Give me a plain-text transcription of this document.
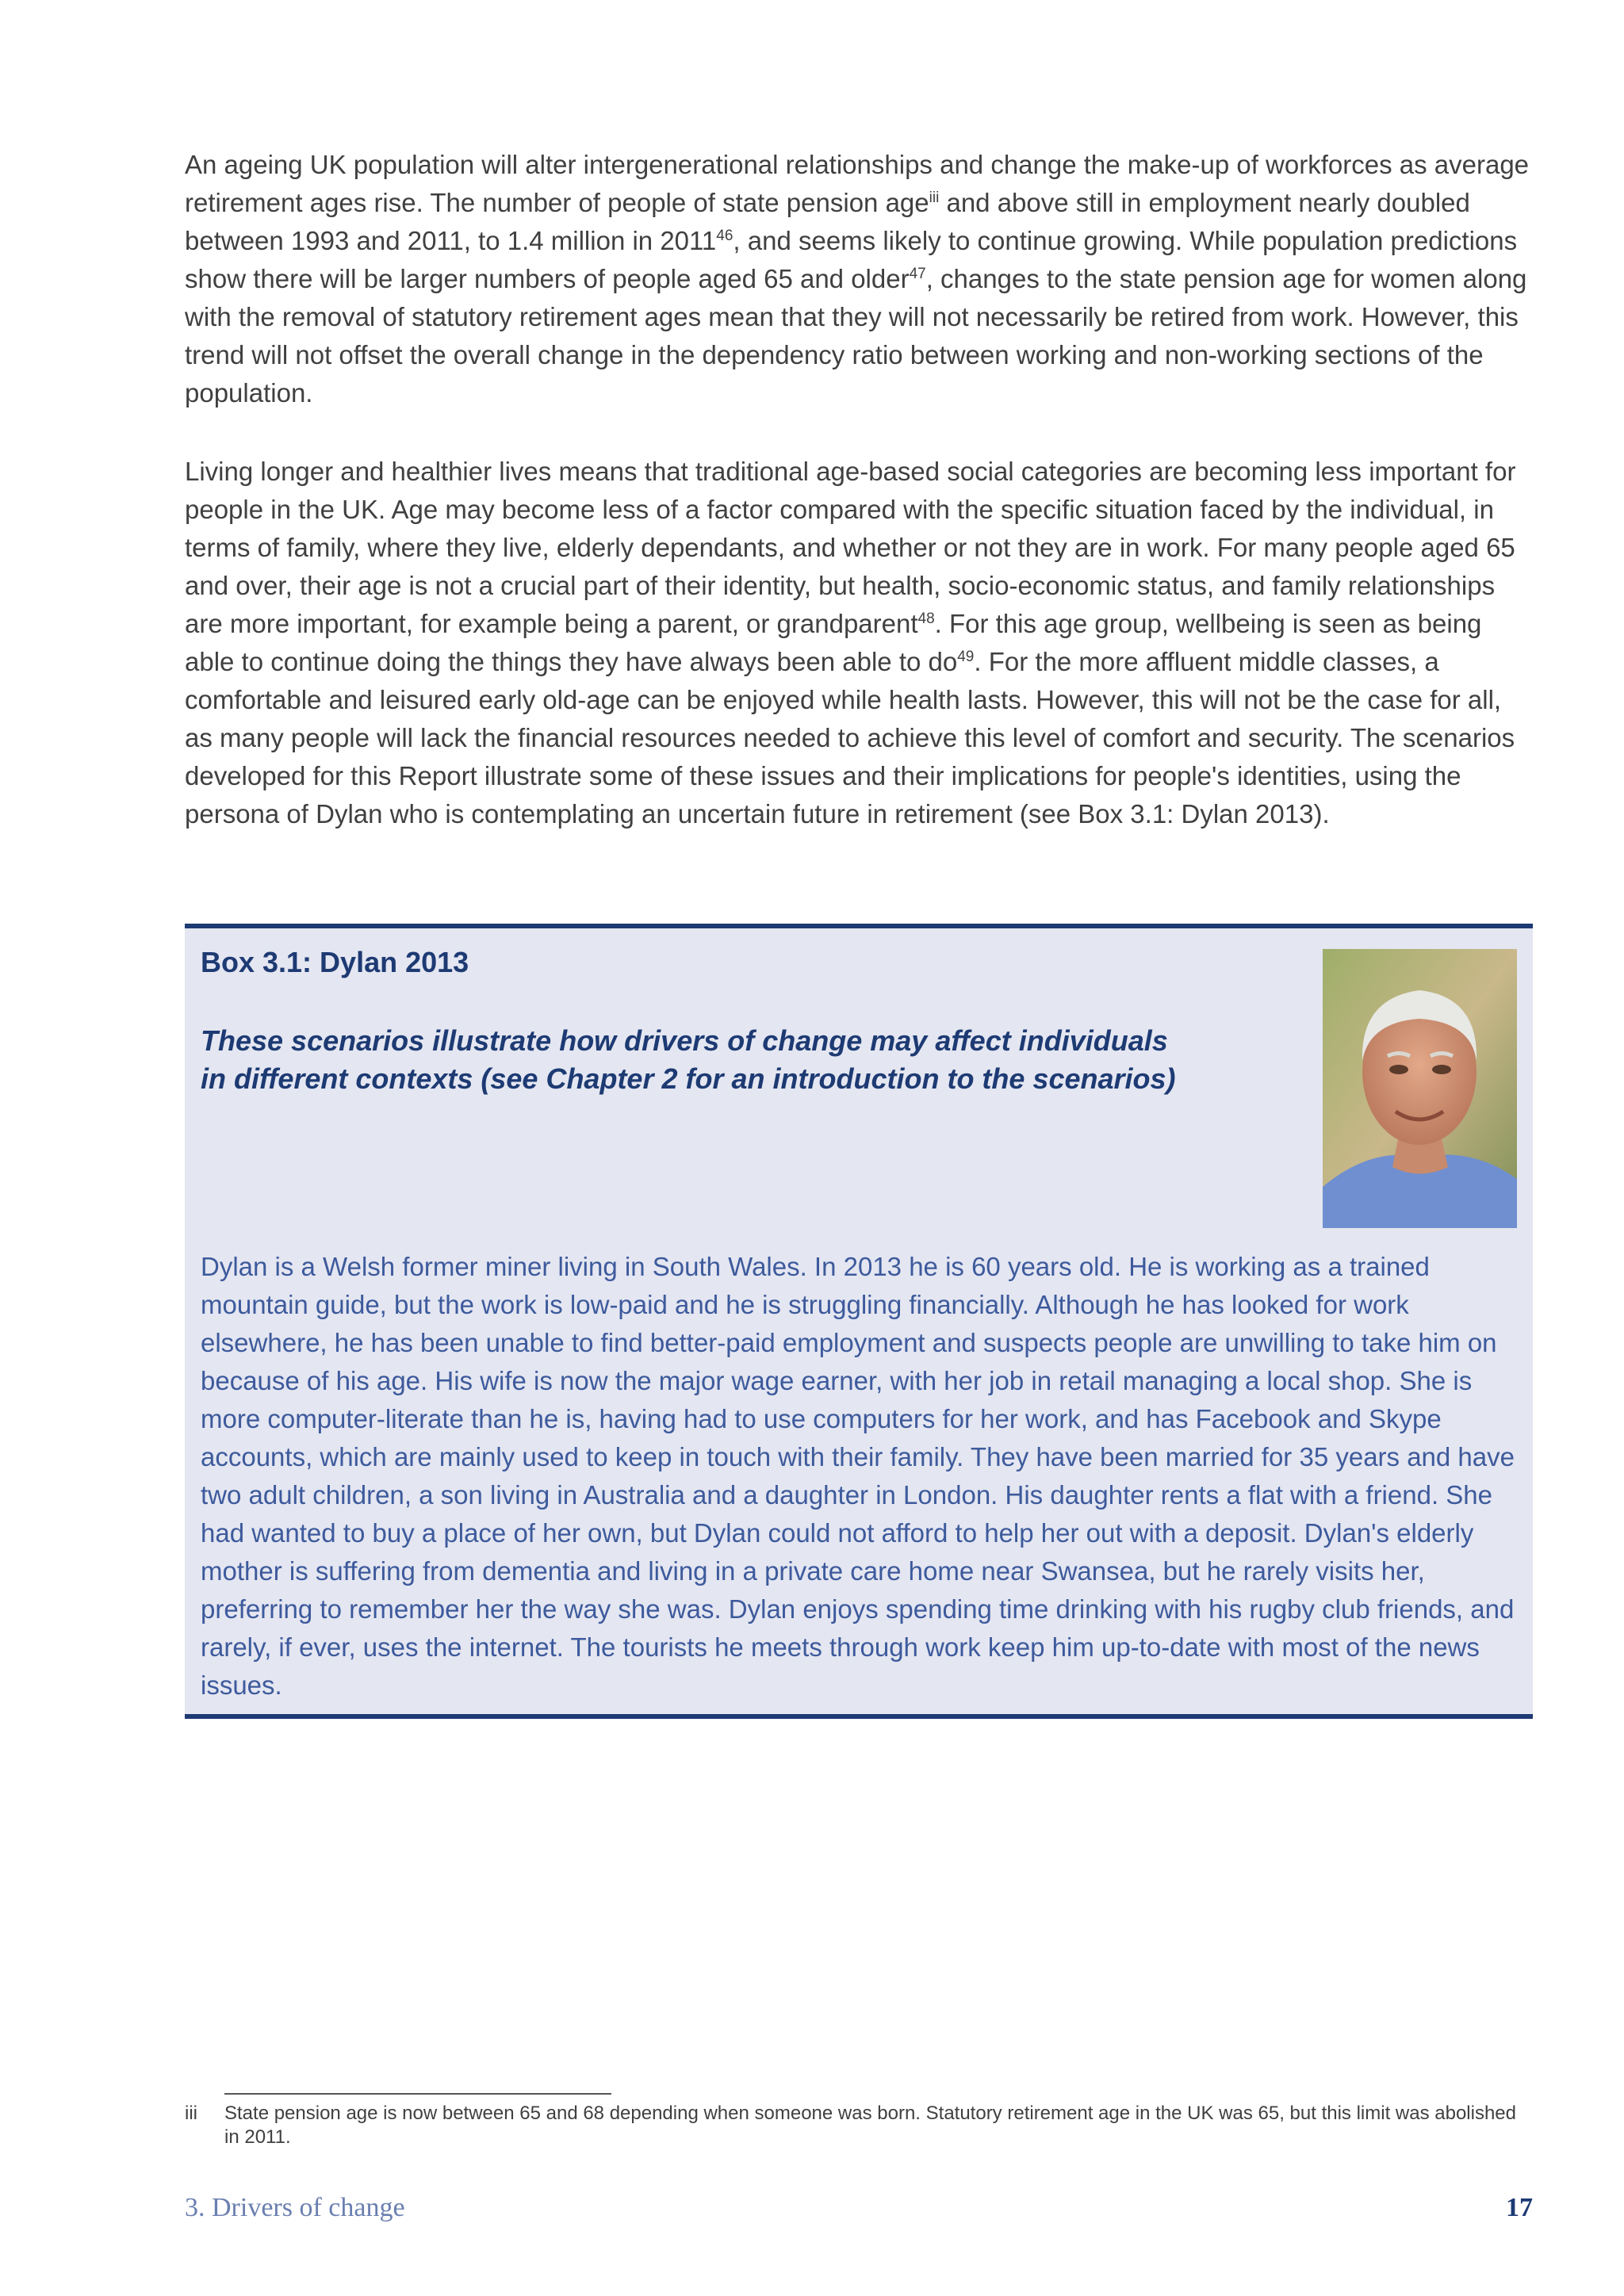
An ageing UK population will alter intergenerational relationships and change the make-up of workforces as average retirement ages rise. The number of people of state pension age$^{iii}$ and above still in employment nearly doubled between 1993 and 2011, to 1.4 million in 2011$^{46}$, and seems likely to continue growing. While population predictions show there will be larger numbers of people aged 65 and older$^{47}$, changes to the state pension age for women along with the removal of statutory retirement ages mean that they will not necessarily be retired from work. However, this trend will not offset the overall change in the dependency ratio between working and non-working sections of the population.

Living longer and healthier lives means that traditional age-based social categories are becoming less important for people in the UK. Age may become less of a factor compared with the specific situation faced by the individual, in terms of family, where they live, elderly dependants, and whether or not they are in work. For many people aged 65 and over, their age is not a crucial part of their identity, but health, socio-economic status, and family relationships are more important, for example being a parent, or grandparent$^{48}$. For this age group, wellbeing is seen as being able to continue doing the things they have always been able to $do^{49}$. For the more affluent middle classes, a comfortable and leisured early old-age can be enjoyed while health lasts. However, this will not be the case for all, as many people will lack the financial resources needed to achieve this level of comfort and security. The scenarios developed for this Report illustrate some of these issues and their implications for people's identities, using the persona of Dylan who is contemplating an uncertain future in retirement (see Box 3.1: Dylan 2013).

Box 3.1: Dylan 2013
These scenarios illustrate how drivers of change may affect individuals in different contexts (see Chapter 2 for an introduction to the scenarios)

Dylan is a Welsh former miner living in South Wales. In 2013 he is 60 years old. He is working as a trained mountain guide, but the work is low-paid and he is struggling financially. Although he has looked for work elsewhere, he has been unable to find better-paid employment and suspects people are unwilling to take him on because of his age. His wife is now the major wage earner, with her job in retail managing a local shop. She is more computer-literate than he is, having had to use computers for her work, and has Facebook and Skype accounts, which are mainly used to keep in touch with their family. They have been married for 35 years and have two adult children, a son living in Australia and a daughter in London. His daughter rents a flat with a friend. She had wanted to buy a place of her own, but Dylan could not afford to help her out with a deposit. Dylan's elderly mother is suffering from dementia and living in a private care home near Swansea, but he rarely visits her, preferring to remember her the way she was. Dylan enjoys spending time drinking with his rugby club friends, and rarely, if ever, uses the internet. The tourists he meets through work keep him up-to-date with most of the news issues.

iii State pension age is now between 65 and 68 depending when someone was born. Statutory retirement age in the UK was 65, but this limit was abolished in 2011.
3. Drivers of change	17
